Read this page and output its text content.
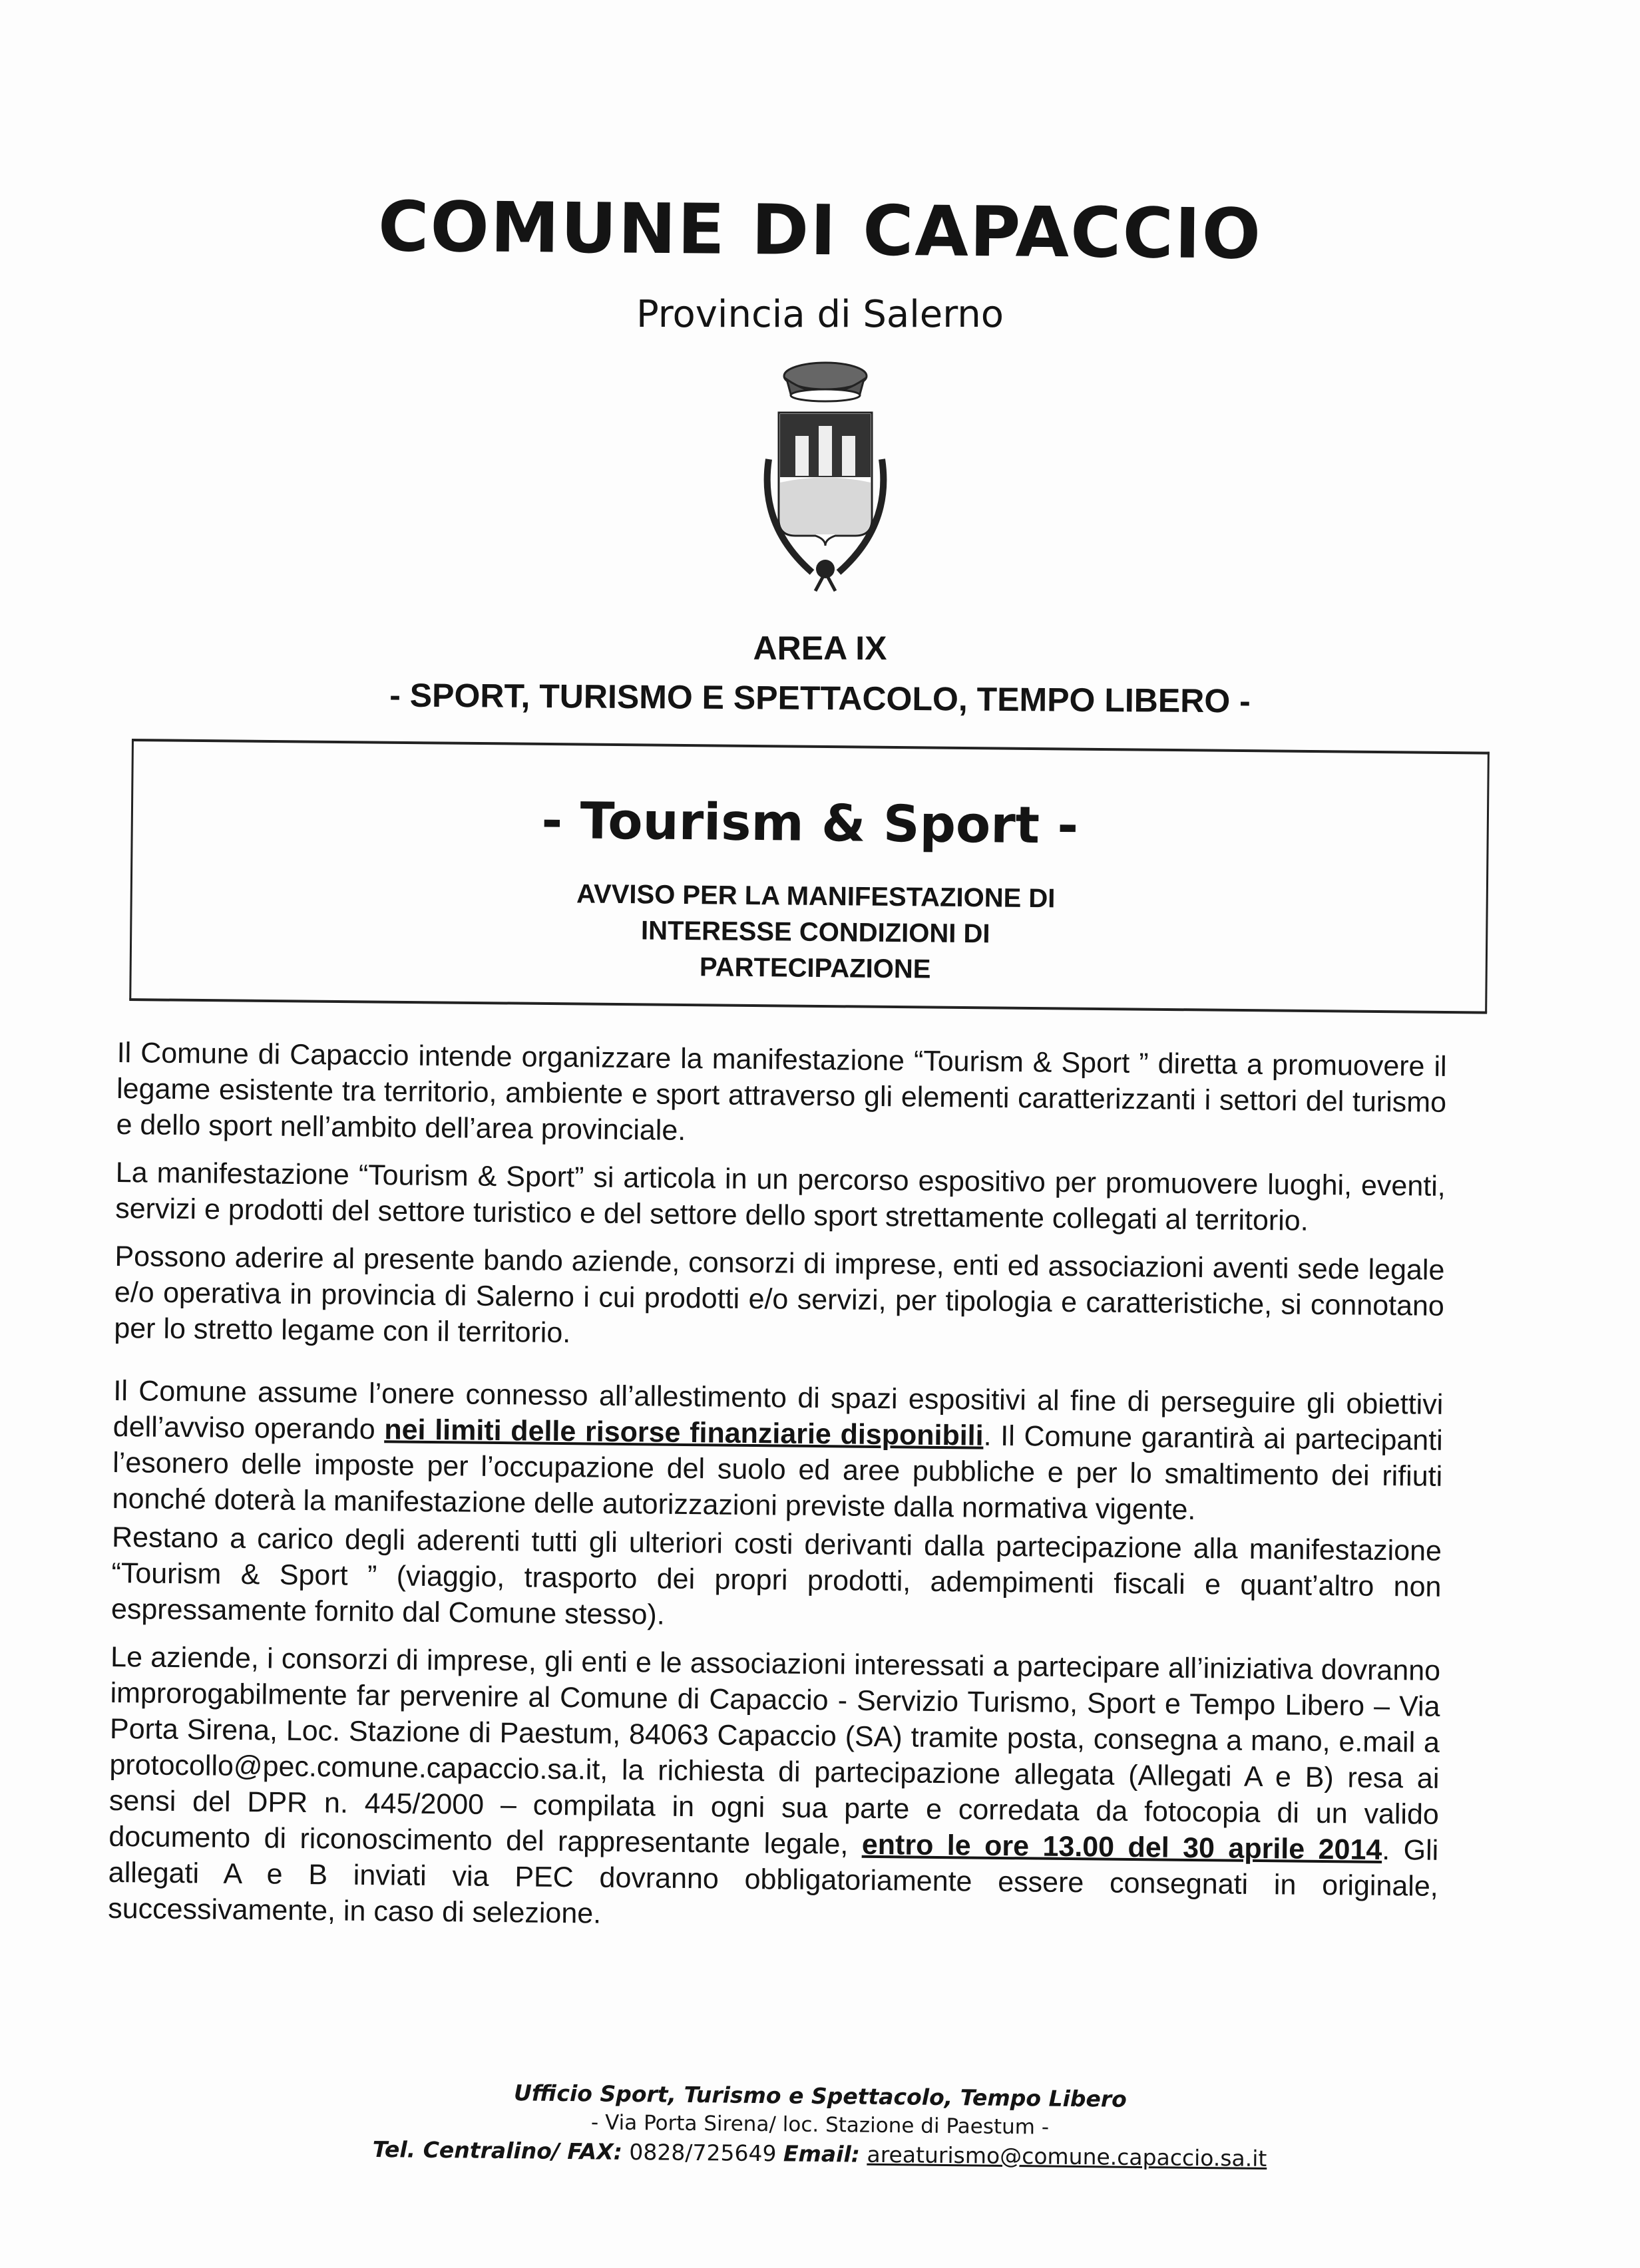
COMUNE DI CAPACCIO
Provincia di Salerno
AREA IX
- SPORT, TURISMO E SPETTACOLO, TEMPO LIBERO -
- Tourism & Sport -
AVVISO PER LA MANIFESTAZIONE DI INTERESSE CONDIZIONI DI PARTECIPAZIONE

Il Comune di Capaccio intende organizzare la manifestazione “Tourism & Sport ” diretta a promuovere il legame esistente tra territorio, ambiente e sport attraverso gli elementi caratterizzanti i settori del turismo e dello sport nell’ambito dell’area provinciale.

La manifestazione “Tourism & Sport” si articola in un percorso espositivo per promuovere luoghi, eventi, servizi e prodotti del settore turistico e del settore dello sport strettamente collegati al territorio.

Possono aderire al presente bando aziende, consorzi di imprese, enti ed associazioni aventi sede legale e/o operativa in provincia di Salerno i cui prodotti e/o servizi, per tipologia e caratteristiche, si connotano per lo stretto legame con il territorio.

Il Comune assume l’onere connesso all’allestimento di spazi espositivi al fine di perseguire gli obiettivi dell’avviso operando nei limiti delle risorse finanziarie disponibili. Il Comune garantirà ai partecipanti l’esonero delle imposte per l’occupazione del suolo ed aree pubbliche e per lo smaltimento dei rifiuti nonché doterà la manifestazione delle autorizzazioni previste dalla normativa vigente.

Restano a carico degli aderenti tutti gli ulteriori costi derivanti dalla partecipazione alla manifestazione “Tourism & Sport ” (viaggio, trasporto dei propri prodotti, adempimenti fiscali e quant’altro non espressamente fornito dal Comune stesso).

Le aziende, i consorzi di imprese, gli enti e le associazioni interessati a partecipare all’iniziativa dovranno improrogabilmente far pervenire al Comune di Capaccio - Servizio Turismo, Sport e Tempo Libero – Via Porta Sirena, Loc. Stazione di Paestum, 84063 Capaccio (SA) tramite posta, consegna a mano, e.mail a protocollo@pec.comune.capaccio.sa.it, la richiesta di partecipazione allegata (Allegati A e B) resa ai sensi del DPR n. 445/2000 – compilata in ogni sua parte e corredata da fotocopia di un valido documento di riconoscimento del rappresentante legale, entro le ore 13.00 del 30 aprile 2014. Gli allegati A e B inviati via PEC dovranno obbligatoriamente essere consegnati in originale, successivamente, in caso di selezione.

Ufficio Sport, Turismo e Spettacolo, Tempo Libero
- Via Porta Sirena/ loc. Stazione di Paestum -
Tel. Centralino/ FAX: 0828/725649 Email: areaturismo@comune.capaccio.sa.it
